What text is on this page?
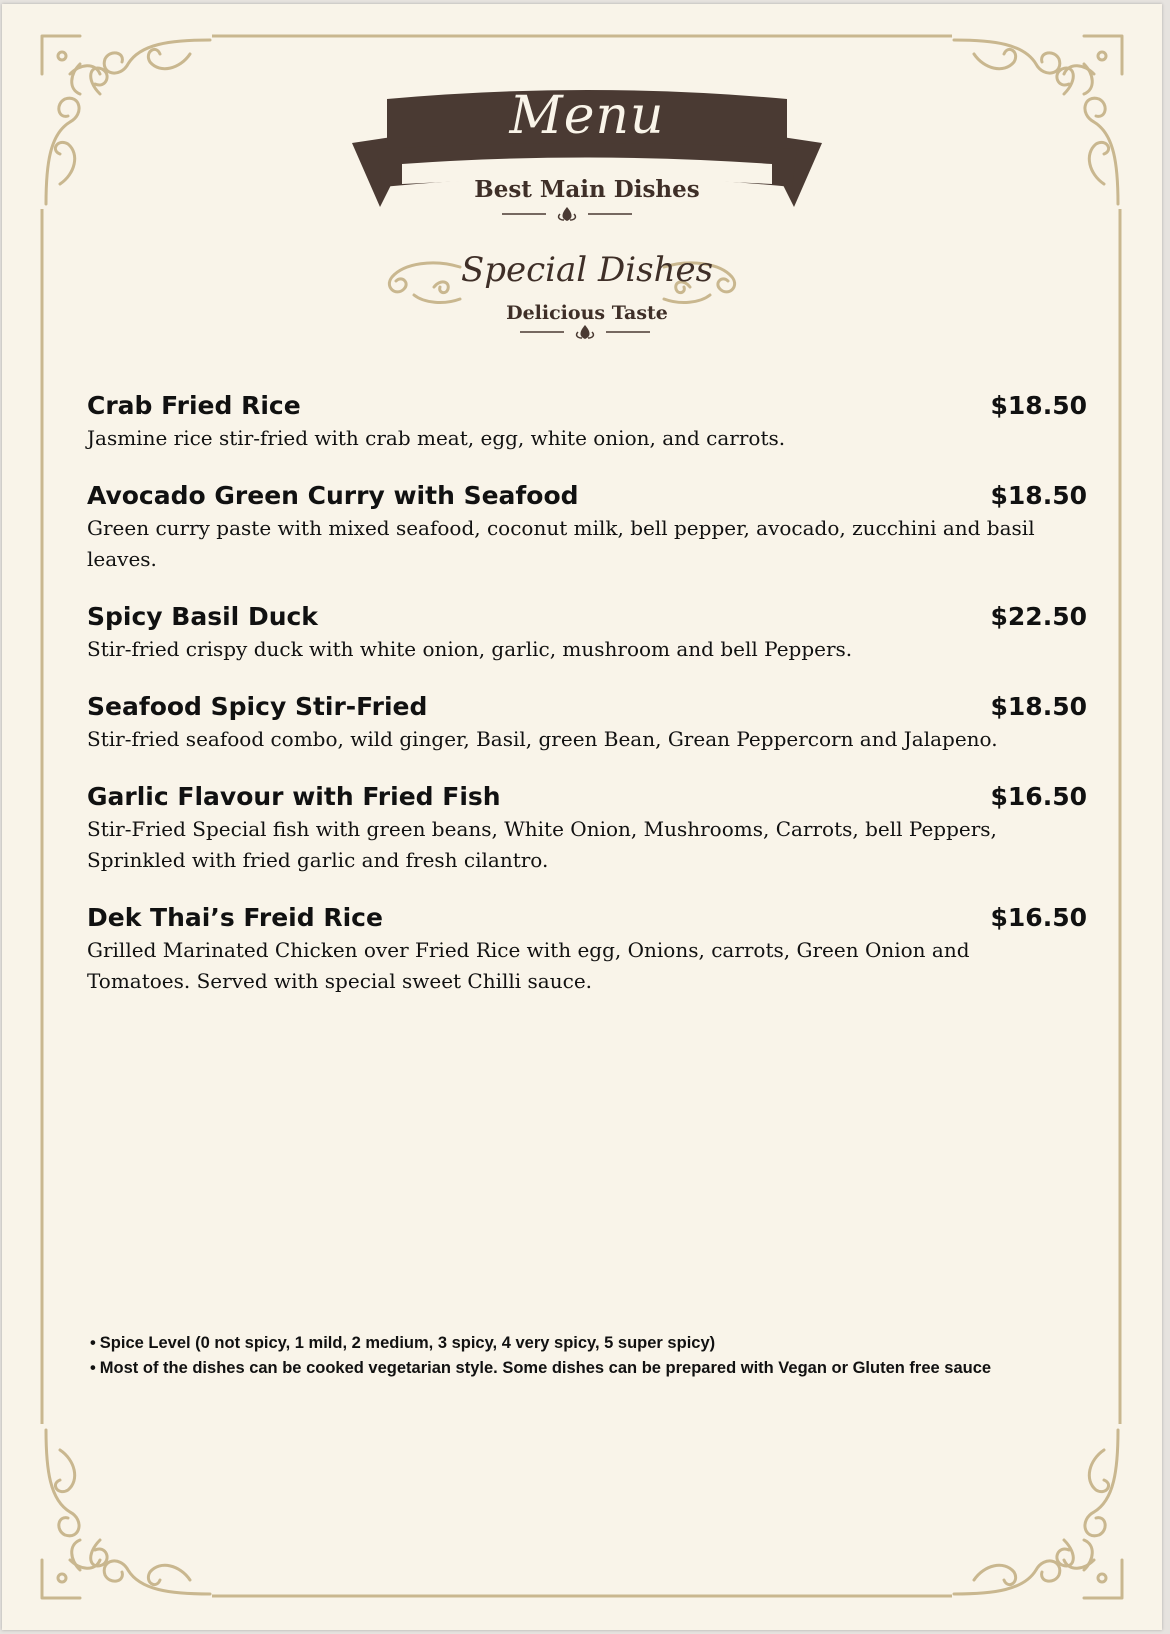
Menu
Best Main Dishes
Special Dishes
Delicious Taste
Crab Fried Rice	$18.50
Jasmine rice stir-fried with crab meat, egg, white onion, and carrots.
Avocado Green Curry with Seafood	$18.50
Green curry paste with mixed seafood, coconut milk, bell pepper, avocado, zucchini and basil leaves.
Spicy Basil Duck	$22.50
Stir-fried crispy duck with white onion, garlic, mushroom and bell Peppers.
Seafood Spicy Stir-Fried	$18.50
Stir-fried seafood combo, wild ginger, Basil, green Bean, Grean Peppercorn and Jalapeno.
Garlic Flavour with Fried Fish	$16.50
Stir-Fried Special fish with green beans, White Onion, Mushrooms, Carrots, bell Peppers, Sprinkled with fried garlic and fresh cilantro.
Dek Thai’s Freid Rice	$16.50
Grilled Marinated Chicken over Fried Rice with egg, Onions, carrots, Green Onion and Tomatoes. Served with special sweet Chilli sauce.
• Spice Level (0 not spicy, 1 mild, 2 medium, 3 spicy, 4 very spicy, 5 super spicy)
• Most of the dishes can be cooked vegetarian style. Some dishes can be prepared with Vegan or Gluten free sauce
